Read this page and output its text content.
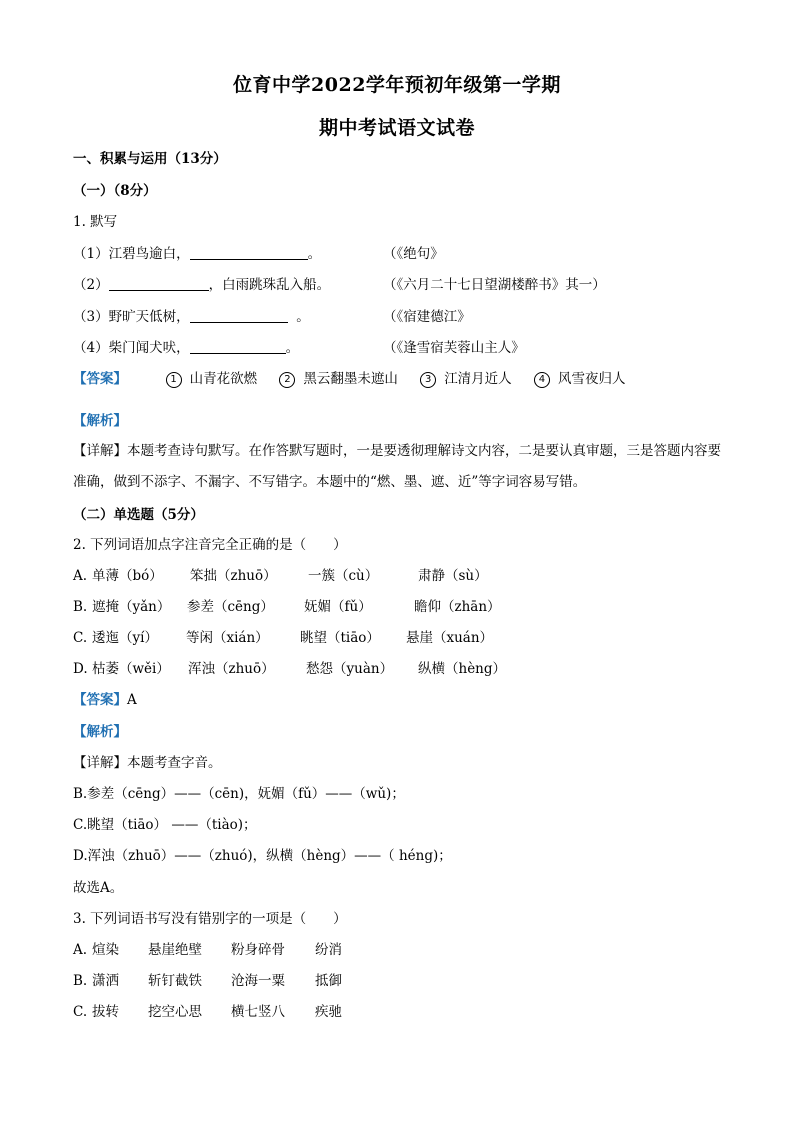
位育中学2022学年预初年级第一学期
期中考试语文试卷
一、积累与运用（13分）
（一）（8分）
1. 默写
（1）江碧鸟逾白，	。	（《绝句》
（2）	，白雨跳珠乱入船。	（《六月二十七日望湖楼醉书》其一）
（3）野旷天低树，	。	（《宿建德江》
（4）柴门闻犬吠，	。	（《逢雪宿芙蓉山主人》
【答案】	1 山青花欲燃	2 黑云翻墨未遮山	3 江清月近人	4 风雪夜归人
【解析】
【详解】本题考查诗句默写。在作答默写题时，一是要透彻理解诗文内容，二是要认真审题，三是答题内容要准确，做到不添字、不漏字、不写错字。本题中的“燃、墨、遮、近”等字词容易写错。
（二）单选题（5分）
2. 下列词语加点字注音完全正确的是（　　）
A. 单薄（bó） 笨拙（zhuō） 一簇（cù）	肃静（sù）
B. 遮掩（yǎn） 参差（cēng） 妩媚（fǔ）	瞻仰（zhān）
C. 逶迤（yí） 等闲（xián） 眺望（tiāo） 悬崖（xuán）
D. 枯萎（wěi） 浑浊（zhuō） 愁怨（yuàn） 纵横（hèng）
【答案】A
【解析】
【详解】本题考查字音。
B.参差（cēng）——（cēn)，妩媚（fǔ）——（wǔ)；
C.眺望（tiāo） ——（tiào)；
D.浑浊（zhuō）——（zhuó)，纵横（hèng）——（ héng)；
故选A。
3. 下列词语书写没有错别字的一项是（　　）
A. 煊染 悬崖绝壁 粉身碎骨 纷消
B. 潇洒 斩钉截铁 沧海一粟 抵御
C. 拔转 挖空心思 横七竖八 疾驰
